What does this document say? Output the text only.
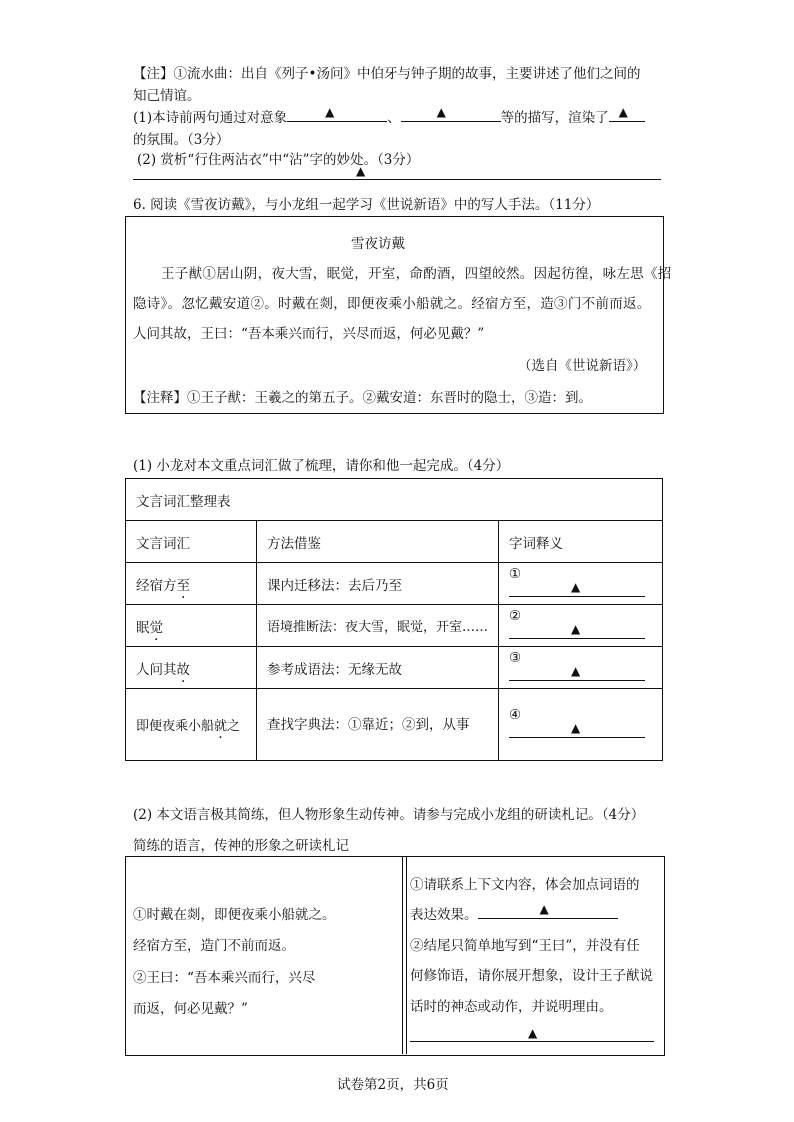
【注】①流水曲：出自《列子•汤问》中伯牙与钟子期的故事，主要讲述了他们之间的
知己情谊。
(1)本诗前两句通过对意象	▲	、	▲	等的描写，渲染了 ▲
的氛围。（3分）
(2) 赏析“行住两沾衣”中“沾”字的妙处。（3分）
▲
6. 阅读《雪夜访戴》，与小龙组一起学习《世说新语》中的写人手法。（11分）
雪夜访戴
王子猷①居山阴，夜大雪，眠觉，开室，命酌酒，四望皎然。因起彷徨，咏左思《招
隐诗》。忽忆戴安道②。时戴在剡，即便夜乘小船就之。经宿方至，造③门不前而返。
人问其故，王曰：“吾本乘兴而行，兴尽而返，何必见戴？”
（选自《世说新语》）
【注释】①王子猷：王羲之的第五子。②戴安道：东晋时的隐士，③造：到。
(1) 小龙对本文重点词汇做了梳理，请你和他一起完成。（4分）
文言词汇整理表		
文言词汇	方法借鉴	字词释义
经宿方至	课内迁移法：去后乃至	①
▲

眠觉	语境推断法：夜大雪，眠觉，开室……	②
▲

人问其故	参考成语法：无缘无故	③
▲

即便夜乘小船就之	查找字典法：①靠近；②到，从事	④
▲
(2) 本文语言极其简练，但人物形象生动传神。请参与完成小龙组的研读札记。（4分）
简练的语言，传神的形象之研读札记
①时戴在剡，即便夜乘小船就之。
经宿方至，造门不前而返。
②王曰：“吾本乘兴而行，兴尽
而返，何必见戴？”
①请联系上下文内容，体会加点词语的
表达效果。	▲
②结尾只简单地写到“王曰”，并没有任
何修饰语，请你展开想象，设计王子猷说
话时的神态或动作，并说明理由。
▲
试卷第2页，共6页
